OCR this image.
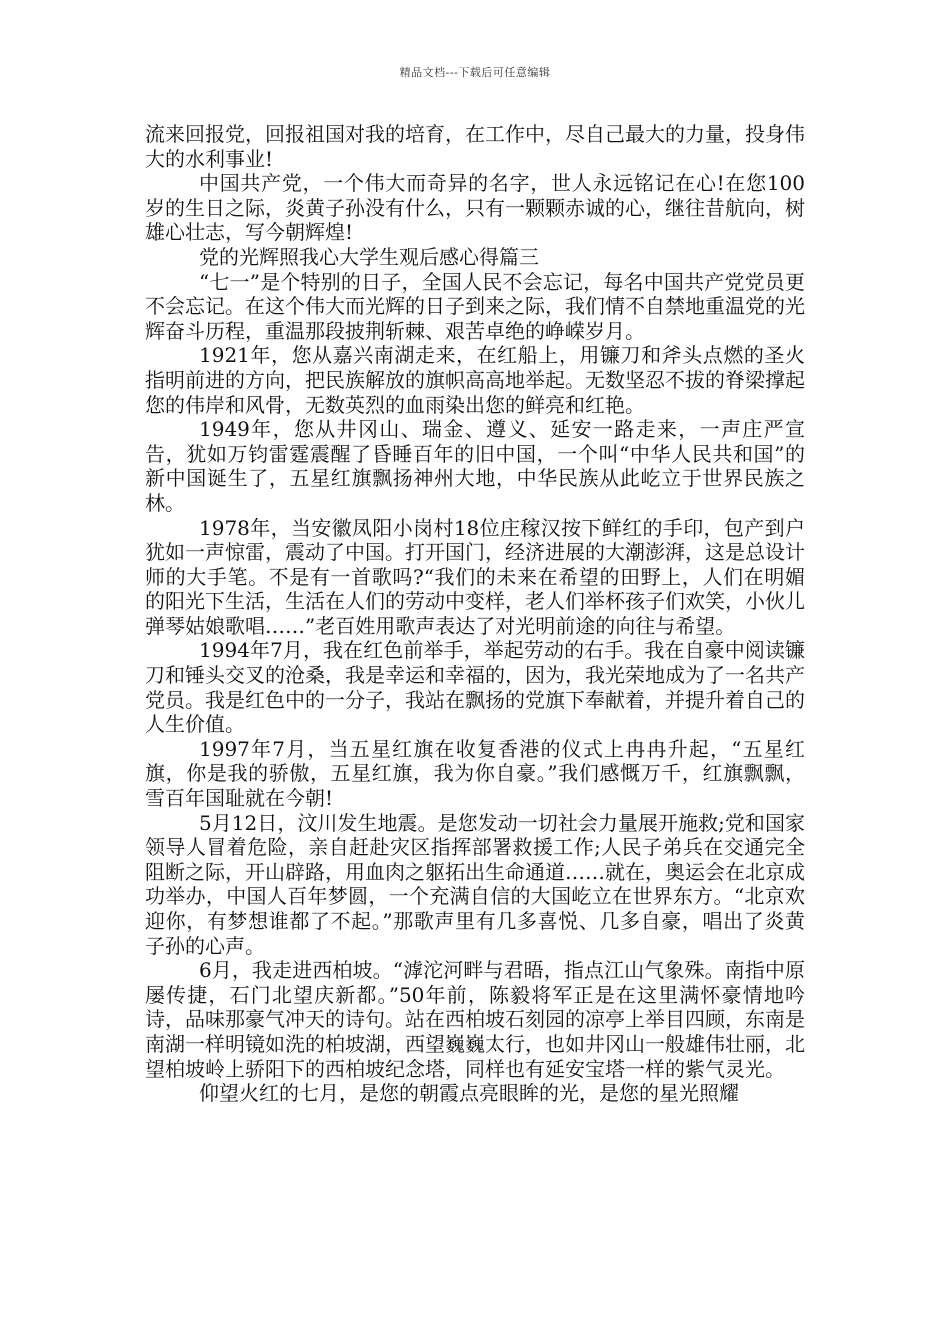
精品文档---下载后可任意编辑

流来回报党，回报祖国对我的培育，在工作中，尽自己最大的力量，投身伟大的水利事业!

中国共产党，一个伟大而奇异的名字，世人永远铭记在心!在您100岁的生日之际，炎黄子孙没有什么，只有一颗颗赤诚的心，继往昔航向，树雄心壮志，写今朝辉煌!

党的光辉照我心大学生观后感心得篇三

“七一”是个特别的日子，全国人民不会忘记，每名中国共产党党员更不会忘记。在这个伟大而光辉的日子到来之际，我们情不自禁地重温党的光辉奋斗历程，重温那段披荆斩棘、艰苦卓绝的峥嵘岁月。

1921年，您从嘉兴南湖走来，在红船上，用镰刀和斧头点燃的圣火指明前进的方向，把民族解放的旗帜高高地举起。无数坚忍不拔的脊梁撑起您的伟岸和风骨，无数英烈的血雨染出您的鲜亮和红艳。

1949年，您从井冈山、瑞金、遵义、延安一路走来，一声庄严宣告，犹如万钧雷霆震醒了昏睡百年的旧中国，一个叫“中华人民共和国”的新中国诞生了，五星红旗飘扬神州大地，中华民族从此屹立于世界民族之林。

1978年，当安徽凤阳小岗村18位庄稼汉按下鲜红的手印，包产到户犹如一声惊雷，震动了中国。打开国门，经济进展的大潮澎湃，这是总设计师的大手笔。不是有一首歌吗?“我们的未来在希望的田野上，人们在明媚的阳光下生活，生活在人们的劳动中变样，老人们举杯孩子们欢笑，小伙儿弹琴姑娘歌唱……”老百姓用歌声表达了对光明前途的向往与希望。

1994年7月，我在红色前举手，举起劳动的右手。我在自豪中阅读镰刀和锤头交叉的沧桑，我是幸运和幸福的，因为，我光荣地成为了一名共产党员。我是红色中的一分子，我站在飘扬的党旗下奉献着，并提升着自己的人生价值。

1997年7月，当五星红旗在收复香港的仪式上冉冉升起，“五星红旗，你是我的骄傲，五星红旗，我为你自豪。”我们感慨万千，红旗飘飘，雪百年国耻就在今朝!

5月12日，汶川发生地震。是您发动一切社会力量展开施救;党和国家领导人冒着危险，亲自赶赴灾区指挥部署救援工作;人民子弟兵在交通完全阻断之际，开山辟路，用血肉之躯拓出生命通道……就在，奥运会在北京成功举办，中国人百年梦圆，一个充满自信的大国屹立在世界东方。“北京欢迎你，有梦想谁都了不起。”那歌声里有几多喜悦、几多自豪，唱出了炎黄子孙的心声。

6月，我走进西柏坡。“滹沱河畔与君晤，指点江山气象殊。南指中原屡传捷，石门北望庆新都。”50年前，陈毅将军正是在这里满怀豪情地吟诗，品味那豪气冲天的诗句。站在西柏坡石刻园的凉亭上举目四顾，东南是南湖一样明镜如洗的柏坡湖，西望巍巍太行，也如井冈山一般雄伟壮丽，北望柏坡岭上骄阳下的西柏坡纪念塔，同样也有延安宝塔一样的紫气灵光。

仰望火红的七月，是您的朝霞点亮眼眸的光，是您的星光照耀
